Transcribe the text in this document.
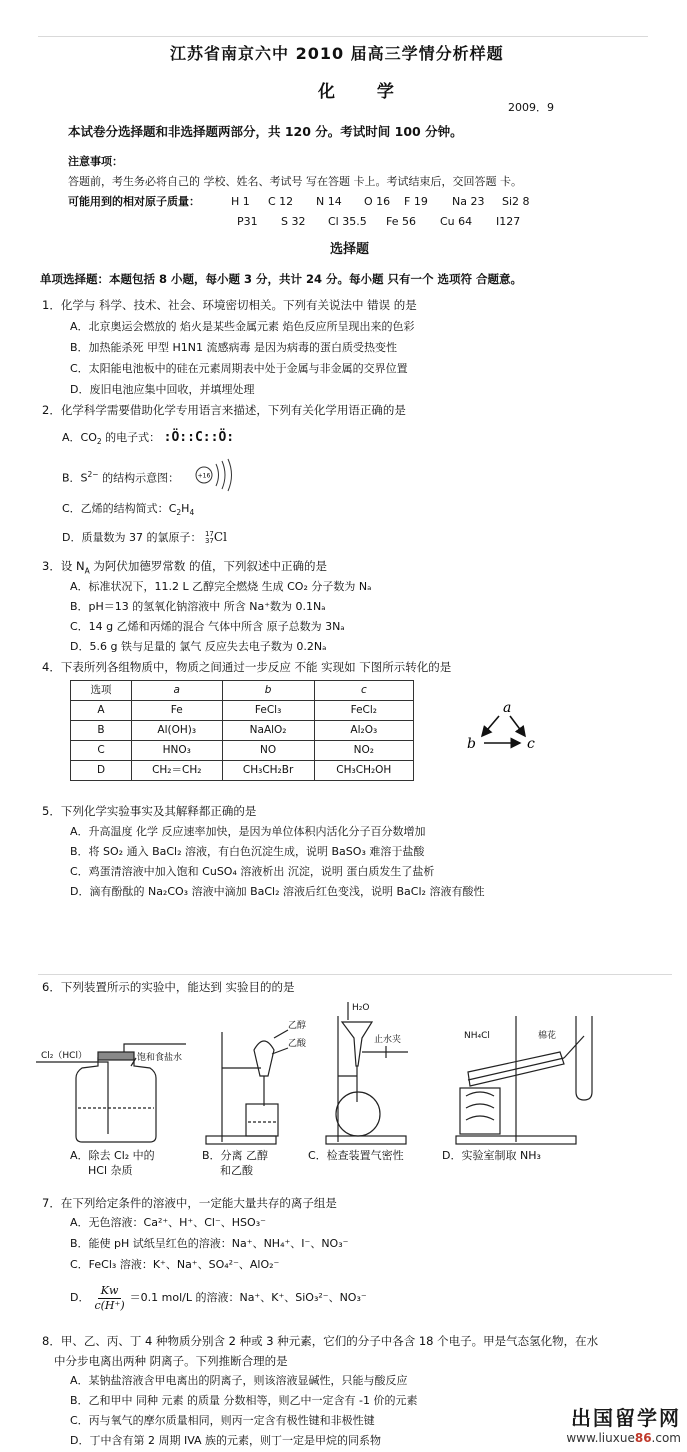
江苏省南京六中 2010 届高三学情分析样题
化 学
2009．9
本试卷分选择题和非选择题两部分，共 120 分。考试时间 100 分钟。
注意事项：
答题前，考生务必将自己的 学校、姓名、考试号 写在答题 卡上。考试结束后，交回答题 卡。
可能用到的相对原子质量：	H 1 C 12 N 14 O 16 F 19 Na 23 Si2 8
P31 S 32 Cl 35.5 Fe 56 Cu 64 I127
选择题
单项选择题：本题包括 8 小题，每小题 3 分，共计 24 分。每小题 只有一个 选项符 合题意。
1．化学与 科学、技术、社会、环境密切相关。下列有关说法中 错误 的是
A．北京奥运会燃放的 焰火是某些金属元素 焰色反应所呈现出来的色彩
B．加热能杀死 甲型 H1N1 流感病毒 是因为病毒的蛋白质受热变性
C．太阳能电池板中的硅在元素周期表中处于金属与非金属的交界位置
D．废旧电池应集中回收，并填埋处理
2．化学科学需要借助化学专用语言来描述，下列有关化学用语正确的是
A．$CO_2$ 的电子式： :Ö::C::Ö:
B．$S^{2-}$ 的结构示意图：	+16
C．乙烯的结构简式：$C_2H_4$
D．质量数为 37 的氯原子： 17
37 Cl
3．设 $N_A$ 为阿伏加德罗常数 的值，下列叙述中正确的是
A．标准状况下，11.2 L 乙醇完全燃烧 生成 CO₂ 分子数为 Nₐ
B．pH＝13 的氢氧化钠溶液中 所含 Na⁺数为 0.1Nₐ
C．14 g 乙烯和丙烯的混合 气体中所含 原子总数为 3Nₐ
D．5.6 g 铁与足量的 氯气 反应失去电子数为 0.2Nₐ
4．下表所列各组物质中，物质之间通过一步反应 不能 实现如 下图所示转化的是
选项	a	b	c
A	Fe	FeCl₃	FeCl₂
B	Al(OH)₃	NaAlO₂	Al₂O₃
C	HNO₃	NO	NO₂
D	CH₂＝CH₂	CH₃CH₂Br	CH₃CH₂OH
a
b	c
5．下列化学实验事实及其解释都正确的是
A．升高温度 化学 反应速率加快，是因为单位体积内活化分子百分数增加
B．将 SO₂ 通入 BaCl₂ 溶液，有白色沉淀生成，说明 BaSO₃ 难溶于盐酸
C．鸡蛋清溶液中加入饱和 CuSO₄ 溶液析出 沉淀，说明 蛋白质发生了盐析
D．滴有酚酞的 Na₂CO₃ 溶液中滴加 BaCl₂ 溶液后红色变浅，说明 BaCl₂ 溶液有酸性
6．下列装置所示的实验中，能达到 实验目的的是
Cl₂（HCl）	饱和食盐水
乙醇
乙酸
H₂O
止水夹	NH₄Cl	棉花
A．除去 Cl₂ 中的
HCl 杂质
B．分离 乙醇
和乙酸
C．检查装置气密性	D．实验室制取 NH₃
7．在下列给定条件的溶液中，一定能大量共存的离子组是
A．无色溶液：Ca²⁺、H⁺、Cl⁻、HSO₃⁻
B．能使 pH 试纸呈红色的溶液：Na⁺、NH₄⁺、I⁻、NO₃⁻
C．FeCl₃ 溶液：K⁺、Na⁺、SO₄²⁻、AlO₂⁻
D． $\frac{Kw}{c(H^+)} =0.1$ mol/L 的溶液：Na⁺、K⁺、SiO₃²⁻、NO₃⁻
8．甲、乙、丙、丁 4 种物质分别含 2 种或 3 种元素，它们的分子中各含 18 个电子。甲是气态氢化物，在水
中分步电离出两种 阴离子。下列推断合理的是
A．某钠盐溶液含甲电离出的阴离子，则该溶液显碱性，只能与酸反应
B．乙和甲中 同种 元素 的质量 分数相等，则乙中一定含有 -1 价的元素
C．丙与氧气的摩尔质量相同，则丙一定含有极性键和非极性键
D．丁中含有第 2 周期 IVA 族的元素，则丁一定是甲烷的同系物
出国留学网
www.liuxue86.com
